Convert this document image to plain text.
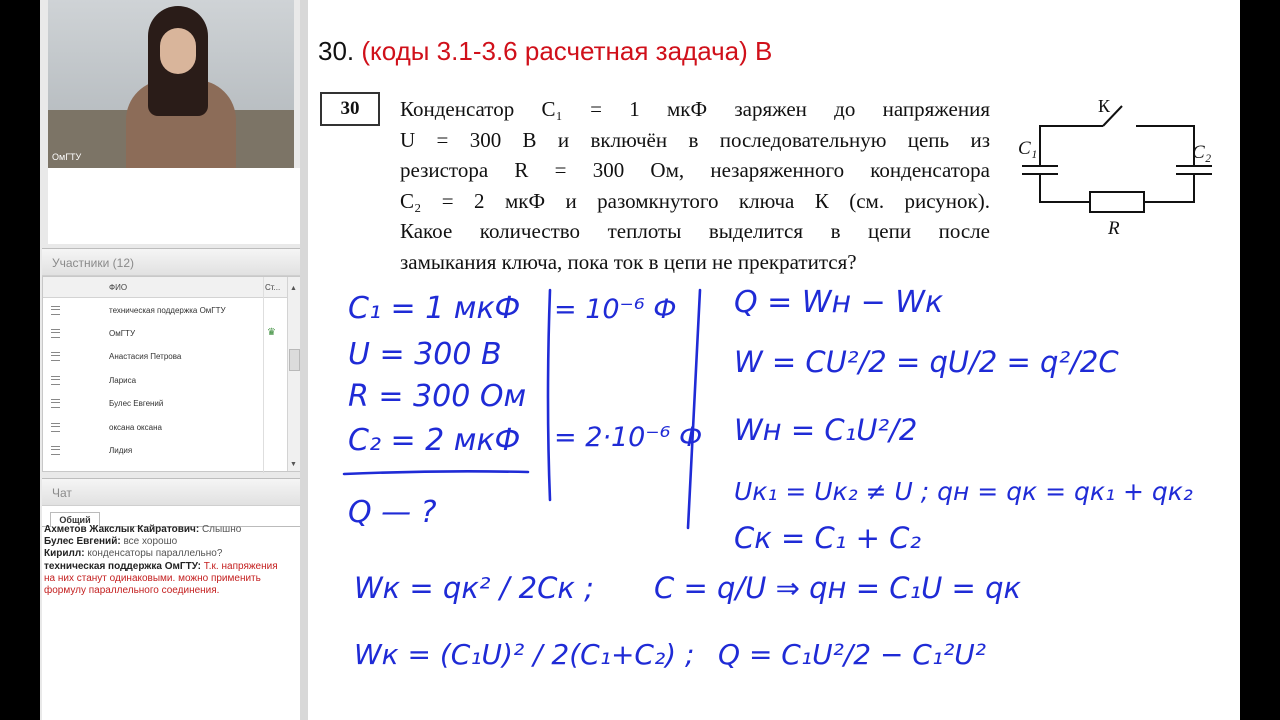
ОмГТУ
Участники (12)
ФИО	Ст...
техническая поддержка ОмГТУ
ОмГТУ	♛
Анастасия Петрова
Лариса
Булес Евгений
оксана оксана
Лидия
▲
▼
Чат
Общий
Ахметов Жакслык Кайратович: Слышно
Булес Евгений: все хорошо
Кирилл: конденсаторы параллельно?
техническая поддержка ОмГТУ: Т.к. напряжения на них станут одинаковыми. можно применить формулу параллельного соединения.
30. (коды 3.1-3.6 расчетная задача) В
30	Конденсатор C₁ = 1 мкФ заряжен до напряжения
U = 300 В и включён в последовательную цепь из
резистора R = 300 Ом, незаряженного конденсатора
C₂ = 2 мкФ и разомкнутого ключа К (см. рисунок).
Какое количество теплоты выделится в цепи после
замыкания ключа, пока ток в цепи не прекратится?
К
C₁	C₂
R
C₁ = 1 мкФ
U = 300 В
R = 300 Ом
C₂ = 2 мкФ
Q — ?
= 10⁻⁶ Ф
= 2·10⁻⁶ Ф
Q = Wн − Wк
W = CU²/2 = qU/2 = q²/2C
Wн = C₁U²/2
Uк₁ = Uк₂ ≠ U ; qн = qк = qк₁ + qк₂
Cк = C₁ + C₂
Wк = qк² / 2Cк ; C = q/U ⇒ qн = C₁U = qк
Wк = (C₁U)² / 2(C₁+C₂) ; Q = C₁U²/2 − C₁²U²
